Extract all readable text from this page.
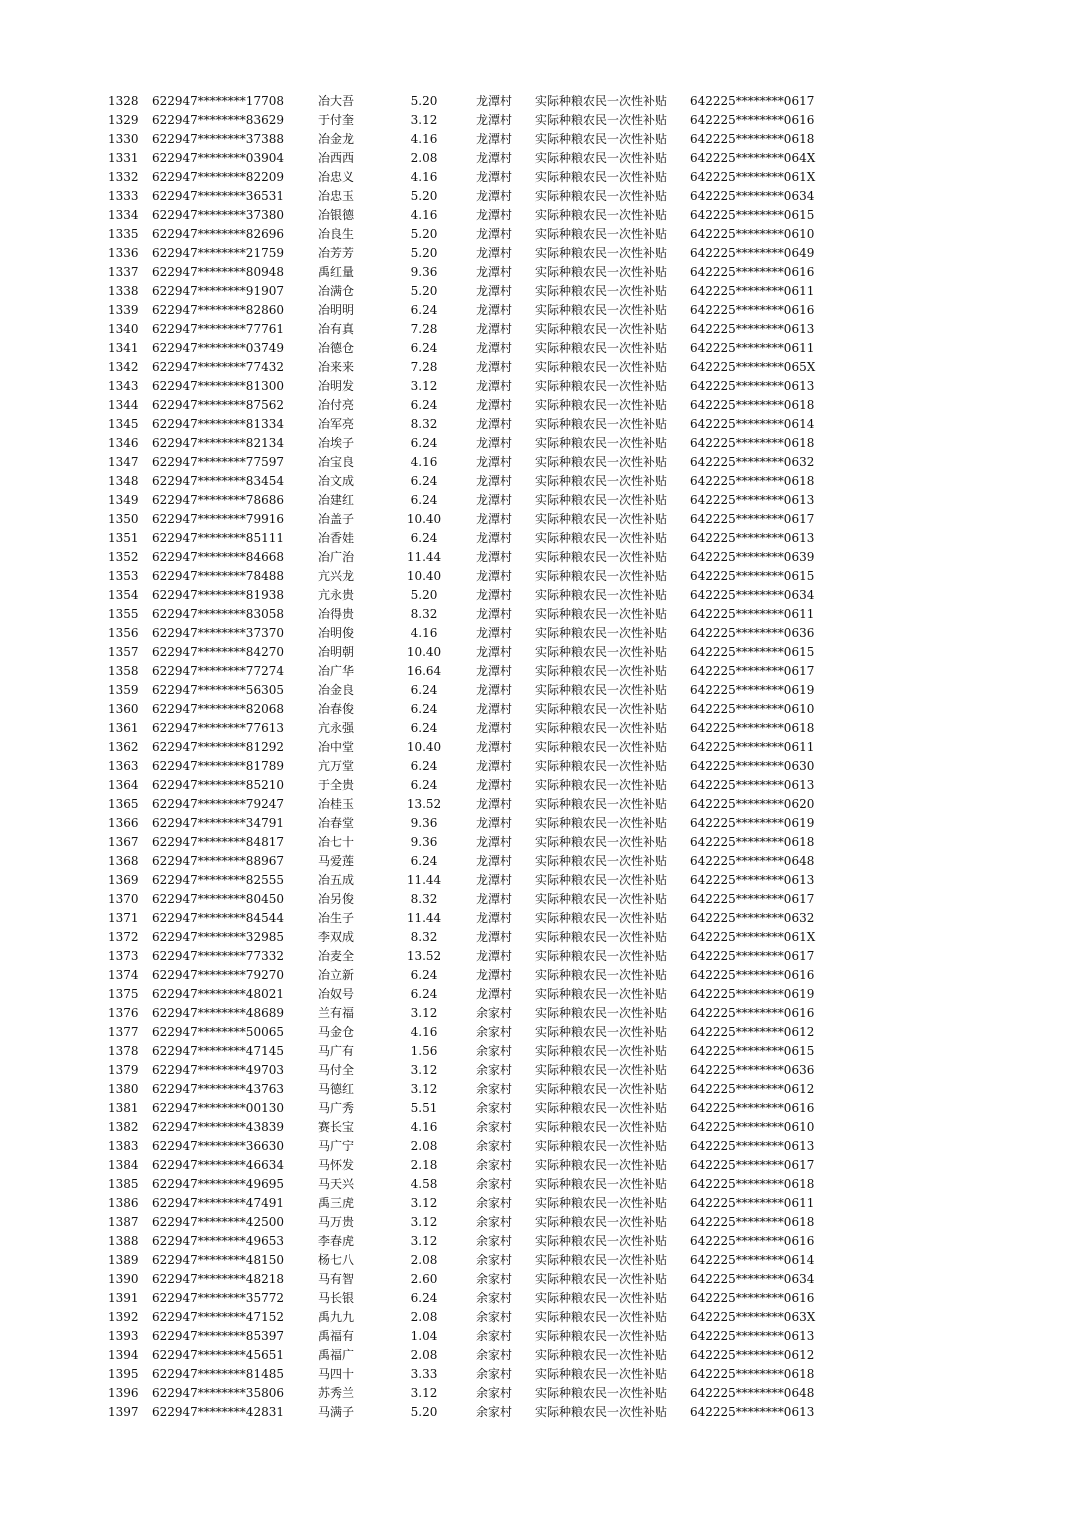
1328	622947********17708	冶大吾	5.20	龙潭村 实际种粮农民一次性补贴 642225********0617
1329	622947********83629	于付奎	3.12	龙潭村 实际种粮农民一次性补贴 642225********0616
1330	622947********37388	冶金龙	4.16	龙潭村 实际种粮农民一次性补贴 642225********0618
1331	622947********03904	冶西西	2.08	龙潭村 实际种粮农民一次性补贴 642225********064X
1332	622947********82209	冶忠义	4.16	龙潭村 实际种粮农民一次性补贴 642225********061X
1333	622947********36531	冶忠玉	5.20	龙潭村 实际种粮农民一次性补贴 642225********0634
1334	622947********37380	冶银德	4.16	龙潭村 实际种粮农民一次性补贴 642225********0615
1335	622947********82696	冶良生	5.20	龙潭村 实际种粮农民一次性补贴 642225********0610
1336	622947********21759	冶芳芳	5.20	龙潭村 实际种粮农民一次性补贴 642225********0649
1337	622947********80948	禹红量	9.36	龙潭村 实际种粮农民一次性补贴 642225********0616
1338	622947********91907	冶满仓	5.20	龙潭村 实际种粮农民一次性补贴 642225********0611
1339	622947********82860	冶明明	6.24	龙潭村 实际种粮农民一次性补贴 642225********0616
1340	622947********77761	冶有真	7.28	龙潭村 实际种粮农民一次性补贴 642225********0613
1341	622947********03749	冶德仓	6.24	龙潭村 实际种粮农民一次性补贴 642225********0611
1342	622947********77432	冶来来	7.28	龙潭村 实际种粮农民一次性补贴 642225********065X
1343	622947********81300	冶明发	3.12	龙潭村 实际种粮农民一次性补贴 642225********0613
1344	622947********87562	冶付亮	6.24	龙潭村 实际种粮农民一次性补贴 642225********0618
1345	622947********81334	冶军亮	8.32	龙潭村 实际种粮农民一次性补贴 642225********0614
1346	622947********82134	冶埃子	6.24	龙潭村 实际种粮农民一次性补贴 642225********0618
1347	622947********77597	冶宝良	4.16	龙潭村 实际种粮农民一次性补贴 642225********0632
1348	622947********83454	冶文成	6.24	龙潭村 实际种粮农民一次性补贴 642225********0618
1349	622947********78686	冶建红	6.24	龙潭村 实际种粮农民一次性补贴 642225********0613
1350	622947********79916	冶盖子	10.40	龙潭村 实际种粮农民一次性补贴 642225********0617
1351	622947********85111	冶香娃	6.24	龙潭村 实际种粮农民一次性补贴 642225********0613
1352	622947********84668	冶广治	11.44	龙潭村 实际种粮农民一次性补贴 642225********0639
1353	622947********78488	亢兴龙	10.40	龙潭村 实际种粮农民一次性补贴 642225********0615
1354	622947********81938	亢永贵	5.20	龙潭村 实际种粮农民一次性补贴 642225********0634
1355	622947********83058	冶得贵	8.32	龙潭村 实际种粮农民一次性补贴 642225********0611
1356	622947********37370	冶明俊	4.16	龙潭村 实际种粮农民一次性补贴 642225********0636
1357	622947********84270	冶明朝	10.40	龙潭村 实际种粮农民一次性补贴 642225********0615
1358	622947********77274	冶广华	16.64	龙潭村 实际种粮农民一次性补贴 642225********0617
1359	622947********56305	冶金良	6.24	龙潭村 实际种粮农民一次性补贴 642225********0619
1360	622947********82068	冶春俊	6.24	龙潭村 实际种粮农民一次性补贴 642225********0610
1361	622947********77613	亢永强	6.24	龙潭村 实际种粮农民一次性补贴 642225********0618
1362	622947********81292	冶中堂	10.40	龙潭村 实际种粮农民一次性补贴 642225********0611
1363	622947********81789	亢万堂	6.24	龙潭村 实际种粮农民一次性补贴 642225********0630
1364	622947********85210	于全贵	6.24	龙潭村 实际种粮农民一次性补贴 642225********0613
1365	622947********79247	冶桂玉	13.52	龙潭村 实际种粮农民一次性补贴 642225********0620
1366	622947********34791	冶春堂	9.36	龙潭村 实际种粮农民一次性补贴 642225********0619
1367	622947********84817	冶七十	9.36	龙潭村 实际种粮农民一次性补贴 642225********0618
1368	622947********88967	马爱莲	6.24	龙潭村 实际种粮农民一次性补贴 642225********0648
1369	622947********82555	冶五成	11.44	龙潭村 实际种粮农民一次性补贴 642225********0613
1370	622947********80450	冶另俊	8.32	龙潭村 实际种粮农民一次性补贴 642225********0617
1371	622947********84544	冶生子	11.44	龙潭村 实际种粮农民一次性补贴 642225********0632
1372	622947********32985	李双成	8.32	龙潭村 实际种粮农民一次性补贴 642225********061X
1373	622947********77332	冶麦全	13.52	龙潭村 实际种粮农民一次性补贴 642225********0617
1374	622947********79270	冶立新	6.24	龙潭村 实际种粮农民一次性补贴 642225********0616
1375	622947********48021	冶奴号	6.24	龙潭村 实际种粮农民一次性补贴 642225********0619
1376	622947********48689	兰有福	3.12	余家村 实际种粮农民一次性补贴 642225********0616
1377	622947********50065	马金仓	4.16	余家村 实际种粮农民一次性补贴 642225********0612
1378	622947********47145	马广有	1.56	余家村 实际种粮农民一次性补贴 642225********0615
1379	622947********49703	马付全	3.12	余家村 实际种粮农民一次性补贴 642225********0636
1380	622947********43763	马德红	3.12	余家村 实际种粮农民一次性补贴 642225********0612
1381	622947********00130	马广秀	5.51	余家村 实际种粮农民一次性补贴 642225********0616
1382	622947********43839	赛长宝	4.16	余家村 实际种粮农民一次性补贴 642225********0610
1383	622947********36630	马广宁	2.08	余家村 实际种粮农民一次性补贴 642225********0613
1384	622947********46634	马怀发	2.18	余家村 实际种粮农民一次性补贴 642225********0617
1385	622947********49695	马天兴	4.58	余家村 实际种粮农民一次性补贴 642225********0618
1386	622947********47491	禹三虎	3.12	余家村 实际种粮农民一次性补贴 642225********0611
1387	622947********42500	马万贵	3.12	余家村 实际种粮农民一次性补贴 642225********0618
1388	622947********49653	李春虎	3.12	余家村 实际种粮农民一次性补贴 642225********0616
1389	622947********48150	杨七八	2.08	余家村 实际种粮农民一次性补贴 642225********0614
1390	622947********48218	马有智	2.60	余家村 实际种粮农民一次性补贴 642225********0634
1391	622947********35772	马长银	6.24	余家村 实际种粮农民一次性补贴 642225********0616
1392	622947********47152	禹九九	2.08	余家村 实际种粮农民一次性补贴 642225********063X
1393	622947********85397	禹福有	1.04	余家村 实际种粮农民一次性补贴 642225********0613
1394	622947********45651	禹福广	2.08	余家村 实际种粮农民一次性补贴 642225********0612
1395	622947********81485	马四十	3.33	余家村 实际种粮农民一次性补贴 642225********0618
1396	622947********35806	苏秀兰	3.12	余家村 实际种粮农民一次性补贴 642225********0648
1397	622947********42831	马满子	5.20	余家村 实际种粮农民一次性补贴 642225********0613
